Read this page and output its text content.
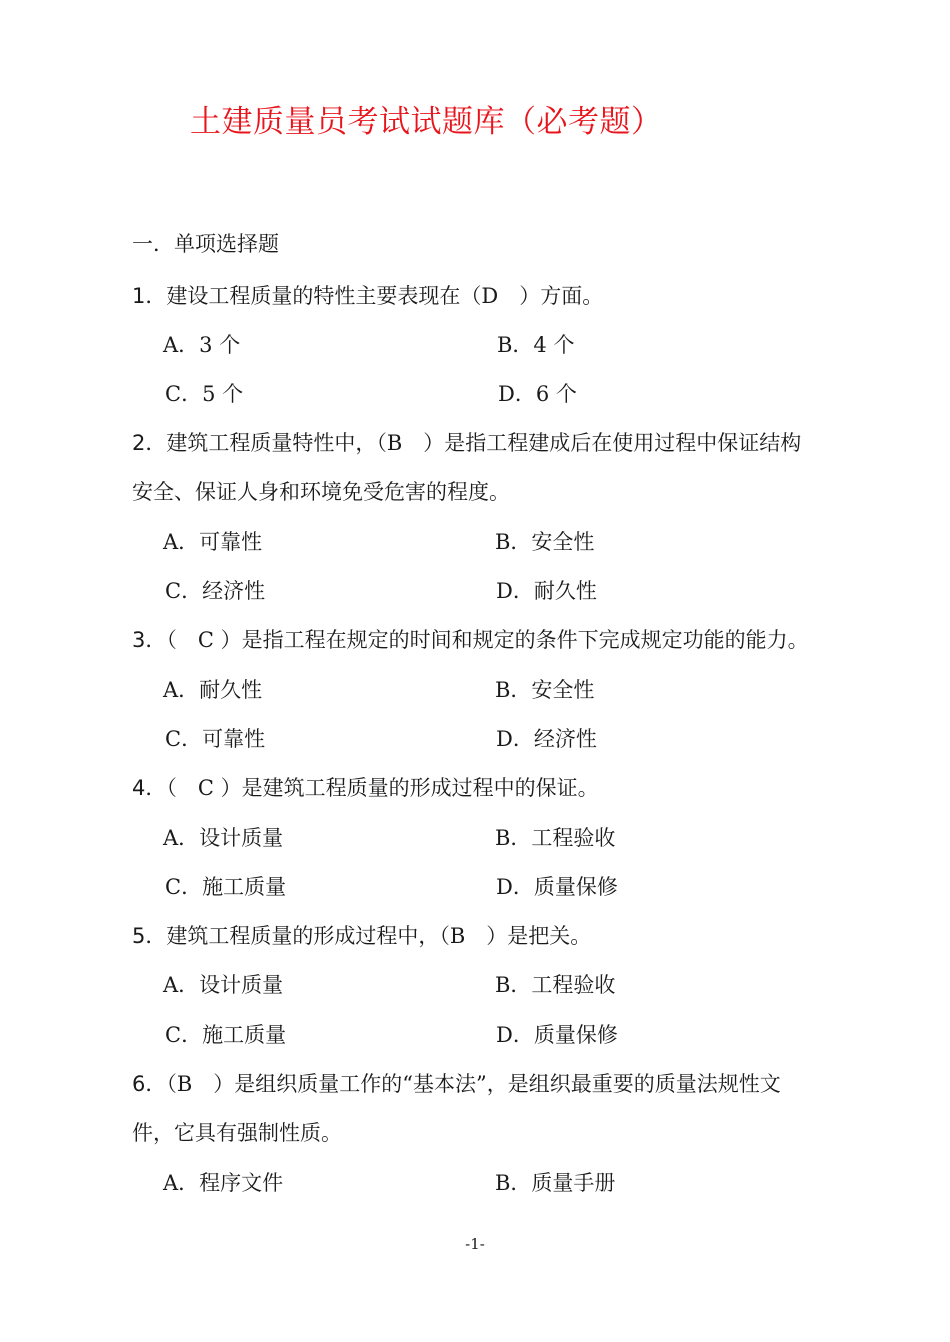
土建质量员考试试题库（必考题）
一．单项选择题
1．建设工程质量的特性主要表现在（D　）方面。
A．3 个	B．4 个
C．5 个	D．6 个
2．建筑工程质量特性中，（B　）是指工程建成后在使用过程中保证结构
安全、保证人身和环境免受危害的程度。
A．可靠性	B．安全性
C．经济性	D．耐久性
3．（　C ）是指工程在规定的时间和规定的条件下完成规定功能的能力。
A．耐久性	B．安全性
C．可靠性	D．经济性
4．（　C ）是建筑工程质量的形成过程中的保证。
A．设计质量	B．工程验收
C．施工质量	D．质量保修
5．建筑工程质量的形成过程中，（B　）是把关。
A．设计质量	B．工程验收
C．施工质量	D．质量保修
6．（B　）是组织质量工作的“基本法”，是组织最重要的质量法规性文
件，它具有强制性质。
A．程序文件	B．质量手册
-1-
